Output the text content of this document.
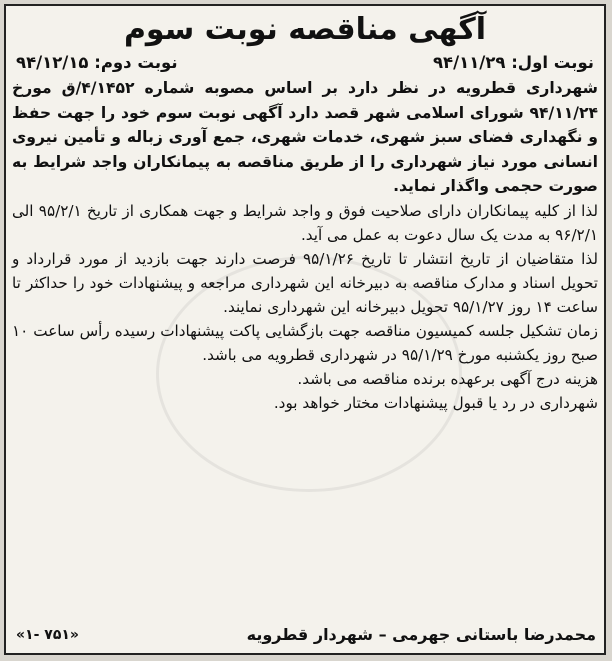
آگهی مناقصه نوبت سوم
نوبت اول: ۹۴/۱۱/۲۹
نوبت دوم: ۹۴/۱۲/۱۵

شهرداری قطرویه در نظر دارد بر اساس مصوبه شماره ۴/۱۴۵۲/ق مورخ ۹۴/۱۱/۲۴ شورای اسلامی شهر قصد دارد آگهی نوبت سوم خود را جهت حفظ و نگهداری فضای سبز شهری، خدمات شهری، جمع آوری زباله و تأمین نیروی انسانی مورد نیاز شهرداری را از طریق مناقصه به پیمانکاران واجد شرایط به صورت حجمی واگذار نماید.

لذا از کلیه پیمانکاران دارای صلاحیت فوق و واجد شرایط و جهت همکاری از تاریخ ۹۵/۲/۱ الی ۹۶/۲/۱ به مدت یک سال دعوت به عمل می آید.

لذا متقاضیان از تاریخ انتشار تا تاریخ ۹۵/۱/۲۶ فرصت دارند جهت بازدید از مورد قرارداد و تحویل اسناد و مدارک مناقصه به دبیرخانه این شهرداری مراجعه و پیشنهادات خود را حداکثر تا ساعت ۱۴ روز ۹۵/۱/۲۷ تحویل دبیرخانه این شهرداری نمایند.

زمان تشکیل جلسه کمیسیون مناقصه جهت بازگشایی پاکت پیشنهادات رسیده رأس ساعت ۱۰ صبح روز یکشنبه مورخ ۹۵/۱/۲۹ در شهرداری قطرویه می باشد.

هزینه درج آگهی برعهده برنده مناقصه می باشد.

شهرداری در رد یا قبول پیشنهادات مختار خواهد بود.

محمدرضا باستانی جهرمی – شهردار قطرویه
«۱- ۷۵۱»
